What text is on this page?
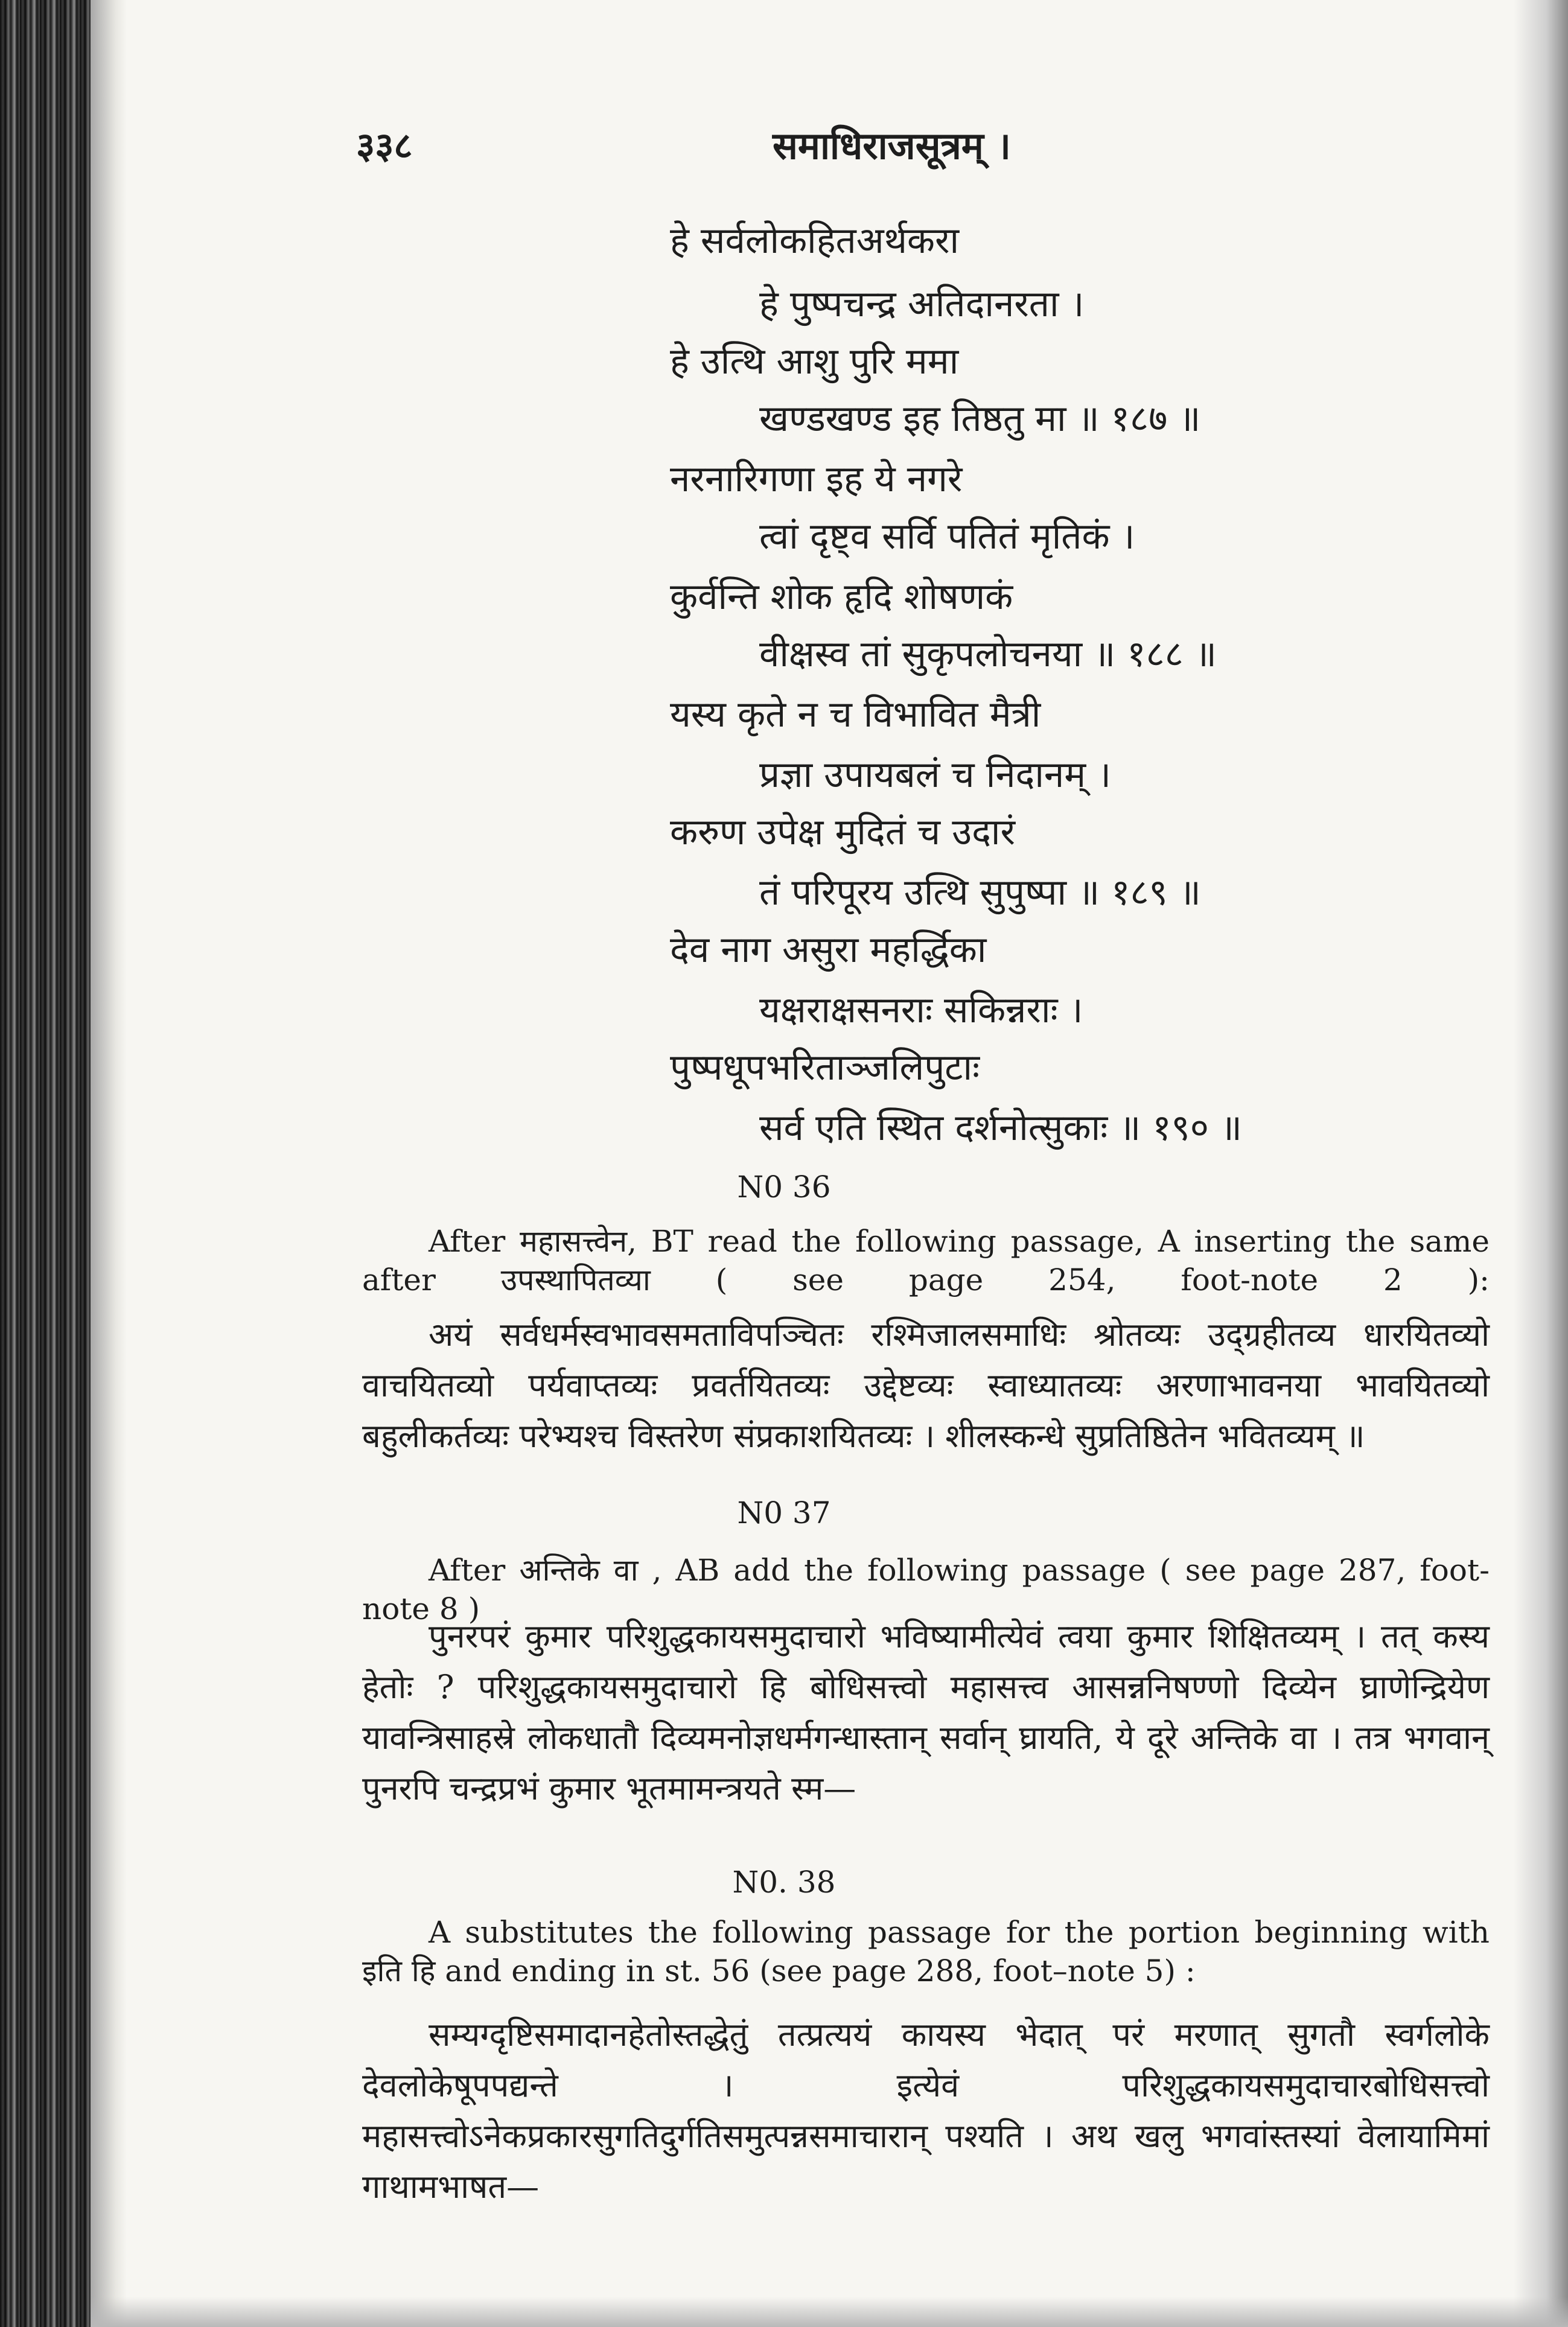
३३८	समाधिराजसूत्रम् ।
हे सर्वलोकहितअर्थकरा
हे पुष्पचन्द्र अतिदानरता ।
हे उत्थि आशु पुरि ममा
खण्डखण्ड इह तिष्ठतु मा ॥ १८७ ॥
नरनारिगणा इह ये नगरे
त्वां दृष्ट्व सर्वि पतितं मृतिकं ।
कुर्वन्ति शोक हृदि शोषणकं
वीक्षस्व तां सुकृपलोचनया ॥ १८८ ॥
यस्य कृते न च विभावित मैत्री
प्रज्ञा उपायबलं च निदानम् ।
करुण उपेक्ष मुदितं च उदारं
तं परिपूरय उत्थि सुपुष्पा ॥ १८९ ॥
देव नाग असुरा महर्द्धिका
यक्षराक्षसनराः सकिन्नराः ।
पुष्पधूपभरिताञ्जलिपुटाः
सर्व एति स्थित दर्शनोत्सुकाः ॥ १९० ॥
N0 36
After महासत्त्वेन, BT read the following passage, A inserting the same after उपस्थापितव्या ( see page 254, foot-note 2 ):
अयं सर्वधर्मस्वभावसमताविपञ्चितः रश्मिजालसमाधिः श्रोतव्यः उद्ग्रहीतव्य धारयितव्यो वाचयितव्यो पर्यवाप्तव्यः प्रवर्तयितव्यः उद्देष्टव्यः स्वाध्यातव्यः अरणाभावनया भावयितव्यो बहुलीकर्तव्यः परेभ्यश्च विस्तरेण संप्रकाशयितव्यः । शीलस्कन्धे सुप्रतिष्ठितेन भवितव्यम् ॥
N0 37
After अन्तिके वा , AB add the following passage ( see page 287, foot-note 8 )
पुनरपरं कुमार परिशुद्धकायसमुदाचारो भविष्यामीत्येवं त्वया कुमार शिक्षितव्यम् । तत् कस्य हेतोः ? परिशुद्धकायसमुदाचारो हि बोधिसत्त्वो महासत्त्व आसन्ननिषण्णो दिव्येन घ्राणेन्द्रियेण यावन्त्रिसाहस्रे लोकधातौ दिव्यमनोज्ञधर्मगन्धास्तान् सर्वान् घ्रायति, ये दूरे अन्तिके वा । तत्र भगवान् पुनरपि चन्द्रप्रभं कुमार भूतमामन्त्रयते स्म—
N0. 38
A substitutes the following passage for the portion beginning with इति हि and ending in st. 56 (see page 288, foot–note 5) :
सम्यग्दृष्टिसमादानहेतोस्तद्धेतुं तत्प्रत्ययं कायस्य भेदात् परं मरणात् सुगतौ स्वर्गलोके देवलोकेषूपपद्यन्ते । इत्येवं परिशुद्धकायसमुदाचारबोधिसत्त्वो महासत्त्वोऽनेकप्रकारसुगतिदुर्गतिसमुत्पन्नसमाचारान् पश्यति । अथ खलु भगवांस्तस्यां वेलायामिमां गाथामभाषत—
